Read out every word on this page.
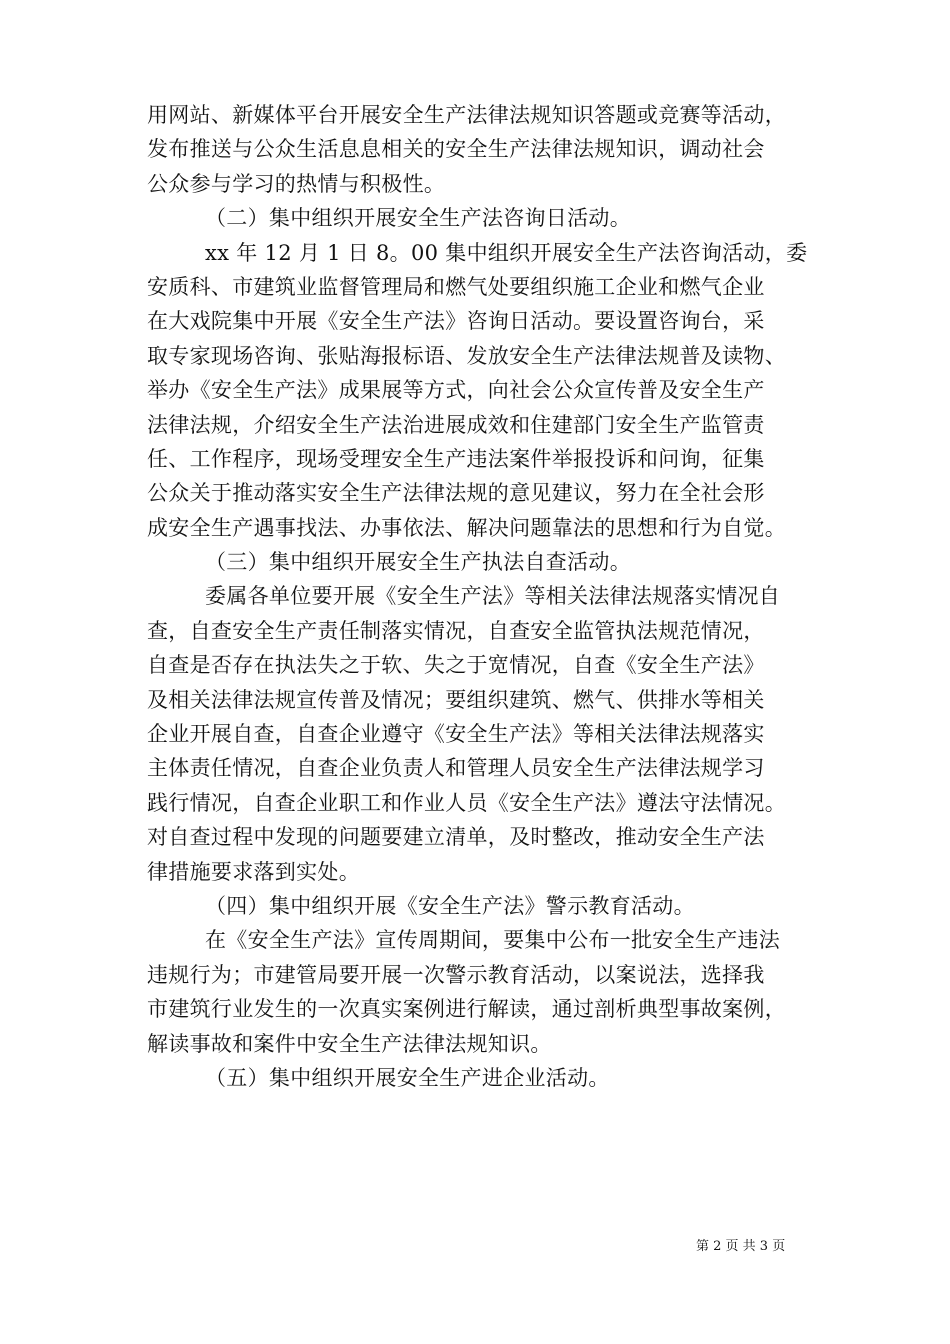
用网站、新媒体平台开展安全生产法律法规知识答题或竞赛等活动，
发布推送与公众生活息息相关的安全生产法律法规知识，调动社会
公众参与学习的热情与积极性。
（二）集中组织开展安全生产法咨询日活动。
xx 年 12 月 1 日 8。00 集中组织开展安全生产法咨询活动，委
安质科、市建筑业监督管理局和燃气处要组织施工企业和燃气企业
在大戏院集中开展《安全生产法》咨询日活动。要设置咨询台，采
取专家现场咨询、张贴海报标语、发放安全生产法律法规普及读物、
举办《安全生产法》成果展等方式，向社会公众宣传普及安全生产
法律法规，介绍安全生产法治进展成效和住建部门安全生产监管责
任、工作程序，现场受理安全生产违法案件举报投诉和问询，征集
公众关于推动落实安全生产法律法规的意见建议，努力在全社会形
成安全生产遇事找法、办事依法、解决问题靠法的思想和行为自觉。
（三）集中组织开展安全生产执法自查活动。
委属各单位要开展《安全生产法》等相关法律法规落实情况自
查，自查安全生产责任制落实情况，自查安全监管执法规范情况，
自查是否存在执法失之于软、失之于宽情况，自查《安全生产法》
及相关法律法规宣传普及情况；要组织建筑、燃气、供排水等相关
企业开展自查，自查企业遵守《安全生产法》等相关法律法规落实
主体责任情况，自查企业负责人和管理人员安全生产法律法规学习
践行情况，自查企业职工和作业人员《安全生产法》遵法守法情况。
对自查过程中发现的问题要建立清单，及时整改，推动安全生产法
律措施要求落到实处。
（四）集中组织开展《安全生产法》警示教育活动。
在《安全生产法》宣传周期间，要集中公布一批安全生产违法
违规行为；市建管局要开展一次警示教育活动，以案说法，选择我
市建筑行业发生的一次真实案例进行解读，通过剖析典型事故案例，
解读事故和案件中安全生产法律法规知识。
（五）集中组织开展安全生产进企业活动。
第 2 页 共 3 页
